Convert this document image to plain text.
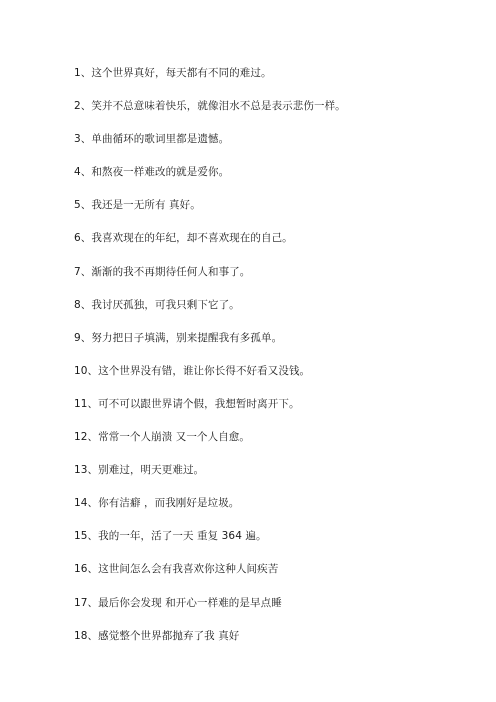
1、这个世界真好，每天都有不同的难过。
2、笑并不总意味着快乐，就像泪水不总是表示悲伤一样。
3、单曲循环的歌词里都是遗憾。
4、和熬夜一样难改的就是爱你。
5、我还是一无所有 真好。
6、我喜欢现在的年纪，却不喜欢现在的自己。
7、渐渐的我不再期待任何人和事了。
8、我讨厌孤独，可我只剩下它了。
9、努力把日子填满，别来提醒我有多孤单。
10、这个世界没有错，谁让你长得不好看又没钱。
11、可不可以跟世界请个假，我想暂时离开下。
12、常常一个人崩溃 又一个人自愈。
13、别难过，明天更难过。
14、你有洁癖 ，而我刚好是垃圾。
15、我的一年，活了一天 重复 364 遍。
16、这世间怎么会有我喜欢你这种人间疾苦
17、最后你会发现 和开心一样难的是早点睡
18、感觉整个世界都抛弃了我 真好
